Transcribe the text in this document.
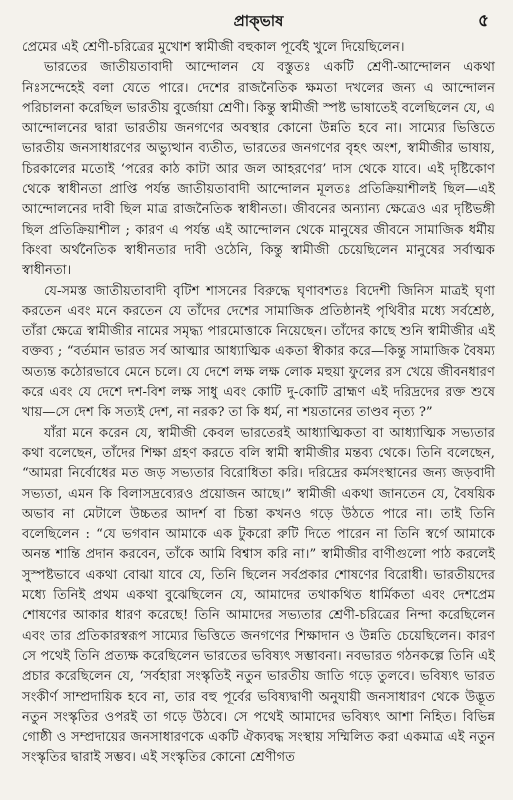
প্রাক্‌ভাষ	৫

প্রেমের এই শ্রেণী-চরিত্রের মুখোশ স্বামীজী বহুকাল পূর্বেই খুলে দিয়েছিলেন।

ভারতের জাতীয়তাবাদী আন্দোলন যে বস্তুতঃ একটি শ্রেণী-আন্দোলন একথা নিঃসন্দেহেই বলা যেতে পারে। দেশের রাজনৈতিক ক্ষমতা দখলের জন্য এ আন্দোলন পরিচালনা করেছিল ভারতীয় বুর্জোয়া শ্রেণী। কিন্তু স্বামীজী স্পষ্ট ভাষাতেই বলেছিলেন যে, এ আন্দোলনের দ্বারা ভারতীয় জনগণের অবস্থার কোনো উন্নতি হবে না। সাম্যের ভিত্তিতে ভারতীয় জনসাধারণের অভ্যুত্থান ব্যতীত, ভারতের জনগণের বৃহৎ অংশ, স্বামীজীর ভাষায়, চিরকালের মতোই ‘পরের কাঠ কাটা আর জল আহরণের’ দাস থেকে যাবে। এই দৃষ্টিকোণ থেকে স্বাধীনতা প্রাপ্তি পর্যন্ত জাতীয়তাবাদী আন্দোলন মূলতঃ প্রতিক্রিয়াশীলই ছিল—এই আন্দোলনের দাবী ছিল মাত্র রাজনৈতিক স্বাধীনতা। জীবনের অন্যান্য ক্ষেত্রেও এর দৃষ্টিভঙ্গী ছিল প্রতিক্রিয়াশীল ; কারণ এ পর্যন্ত এই আন্দোলন থেকে মানুষের জীবনে সামাজিক ধর্মীয় কিংবা অর্থনৈতিক স্বাধীনতার দাবী ওঠেনি, কিন্তু স্বামীজী চেয়েছিলেন মানুষের সর্বাত্মক স্বাধীনতা।

যে-সমস্ত জাতীয়তাবাদী বৃটিশ শাসনের বিরুদ্ধে ঘৃণাবশতঃ বিদেশী জিনিস মাত্রই ঘৃণা করতেন এবং মনে করতেন যে তাঁদের দেশের সামাজিক প্রতিষ্ঠানই পৃথিবীর মধ্যে সর্বশ্রেষ্ঠ, তাঁরা ক্ষেত্রে স্বামীজীর নামের সমৃদ্ধ্য পারমোত্তাকে নিয়েছেন। তাঁদের কাছে শুনি স্বামীজীর এই বক্তব্য ; “বর্তমান ভারত সর্ব আত্মার আধ্যাত্মিক একতা স্বীকার করে—কিন্তু সামাজিক বৈষম্য অত্যন্ত কঠোরভাবে মেনে চলে। যে দেশে লক্ষ লক্ষ লোক মহুয়া ফুলের রস খেয়ে জীবনধারণ করে এবং যে দেশে দশ-বিশ লক্ষ সাধু এবং কোটি দু-কোটি ব্রাহ্মণ এই দরিদ্রদের রক্ত শুষে খায়—সে দেশ কি সত্যই দেশ, না নরক? তা কি ধর্ম, না শয়তানের তাণ্ডব নৃত্য ?”

যাঁরা মনে করেন যে, স্বামীজী কেবল ভারতেরই আধ্যাত্মিকতা বা আধ্যাত্মিক সভ্যতার কথা বলেছেন, তাঁদের শিক্ষা গ্রহণ করতে বলি স্বামী স্বামীজীর মন্তব্য থেকে। তিনি বলেছেন, “আমরা নির্বোধের মত জড় সভ্যতার বিরোধিতা করি। দরিদ্রের কর্মসংস্থানের জন্য জড়বাদী সভ্যতা, এমন কি বিলাসদ্রব্যেরও প্রয়োজন আছে।” স্বামীজী একথা জানতেন যে, বৈষয়িক অভাব না মেটালে উচ্চতর আদর্শ বা চিন্তা কখনও গড়ে উঠতে পারে না। তাই তিনি বলেছিলেন : “যে ভগবান আমাকে এক টুকরো রুটি দিতে পারেন না তিনি স্বর্গে আমাকে অনন্ত শান্তি প্রদান করবেন, তাঁকে আমি বিশ্বাস করি না।” স্বামীজীর বাণীগুলো পাঠ করলেই সুস্পষ্টভাবে একথা বোঝা যাবে যে, তিনি ছিলেন সর্বপ্রকার শোষণের বিরোধী। ভারতীয়দের মধ্যে তিনিই প্রথম একথা বুঝেছিলেন যে, আমাদের তথাকথিত ধার্মিকতা এবং দেশপ্রেম শোষণের আকার ধারণ করেছে! তিনি আমাদের সভ্যতার শ্রেণী-চরিত্রের নিন্দা করেছিলেন এবং তার প্রতিকারস্বরূপ সাম্যের ভিত্তিতে জনগণের শিক্ষাদান ও উন্নতি চেয়েছিলেন। কারণ সে পথেই তিনি প্রত্যক্ষ করেছিলেন ভারতের ভবিষ্যৎ সম্ভাবনা। নবভারত গঠনকল্পে তিনি এই প্রচার করেছিলেন যে, ‘সর্বহারা সংস্কৃতিই নতুন ভারতীয় জাতি গড়ে তুলবে। ভবিষ্যৎ ভারত সংকীর্ণ সাম্প্রদায়িক হবে না, তার বহু পূর্বের ভবিষ্যদ্বাণী অনুযায়ী জনসাধারণ থেকে উদ্ভূত নতুন সংস্কৃতির ওপরই তা গড়ে উঠবে। সে পথেই আমাদের ভবিষ্যৎ আশা নিহিত। বিভিন্ন গোষ্ঠী ও সম্প্রদায়ের জনসাধারণকে একটি ঐক্যবদ্ধ সংস্থায় সম্মিলিত করা একমাত্র এই নতুন সংস্কৃতির দ্বারাই সম্ভব। এই সংস্কৃতির কোনো শ্রেণীগত
